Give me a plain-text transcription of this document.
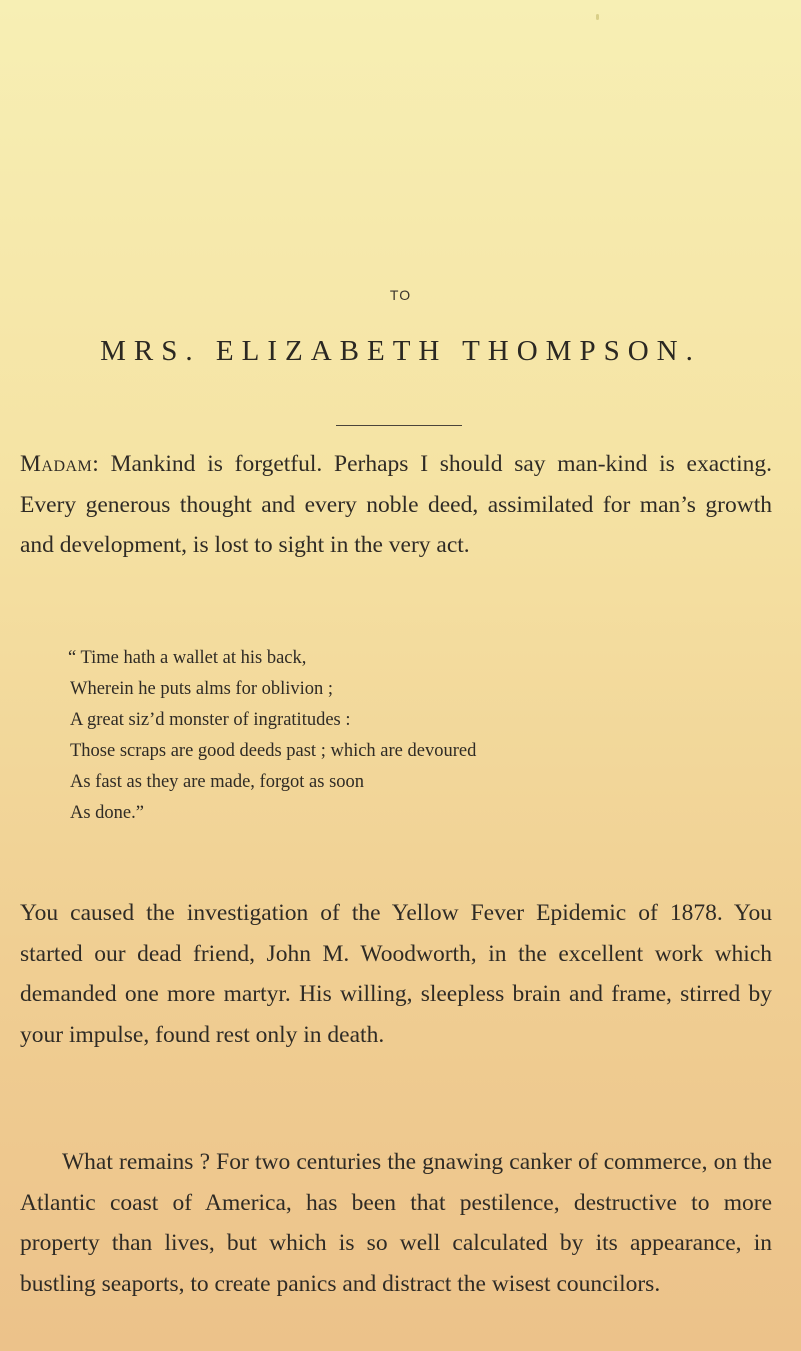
TO
MRS. ELIZABETH THOMPSON.

Madam: Mankind is forgetful. Perhaps I should say man-kind is exacting. Every generous thought and every noble deed, assimilated for man’s growth and development, is lost to sight in the very act.

“ Time hath a wallet at his back,
Wherein he puts alms for oblivion ;
A great siz’d monster of ingratitudes :
Those scraps are good deeds past ; which are devoured
As fast as they are made, forgot as soon
As done.”

You caused the investigation of the Yellow Fever Epidemic of 1878. You started our dead friend, John M. Woodworth, in the excellent work which demanded one more martyr. His willing, sleepless brain and frame, stirred by your impulse, found rest only in death.

What remains ? For two centuries the gnawing canker of commerce, on the Atlantic coast of America, has been that pestilence, destructive to more property than lives, but which is so well calculated by its appearance, in bustling seaports, to create panics and distract the wisest councilors.
